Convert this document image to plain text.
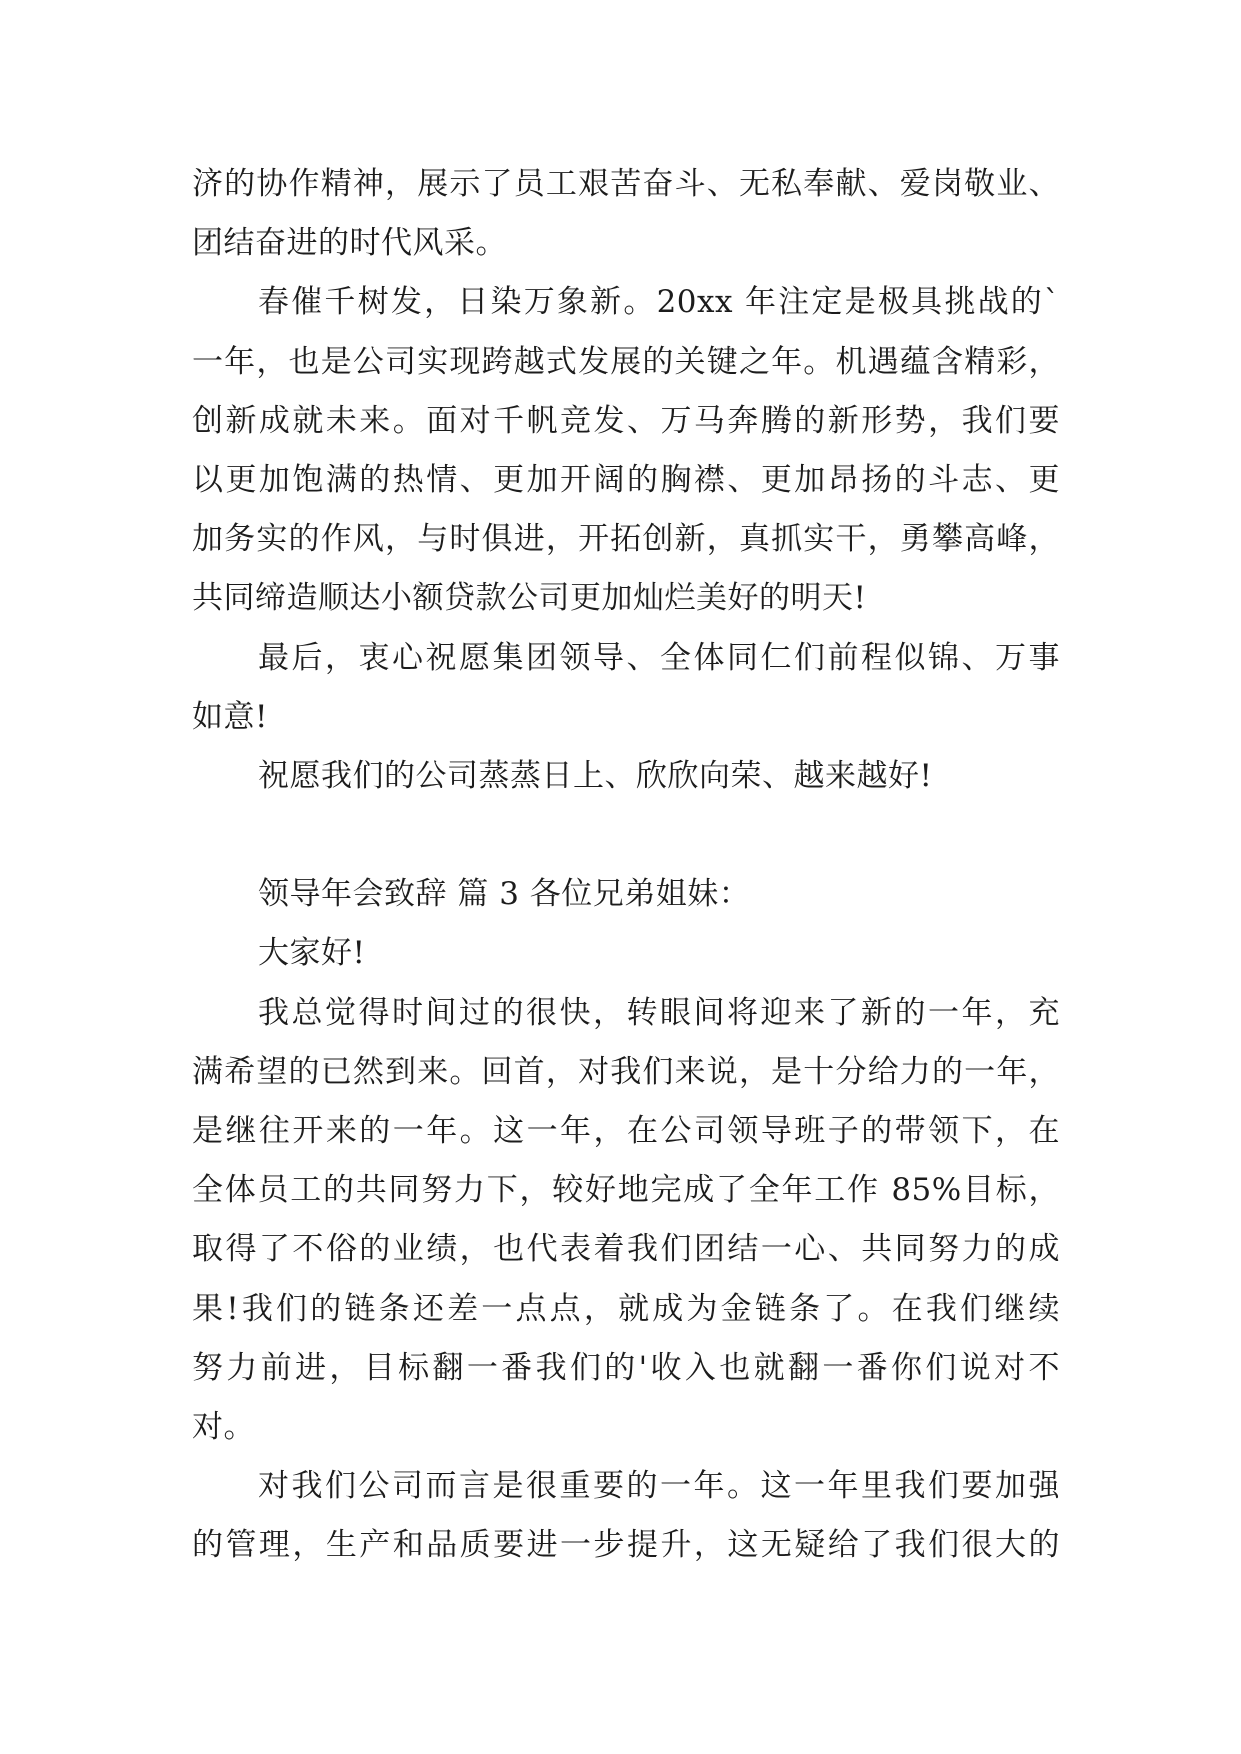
济的协作精神，展示了员工艰苦奋斗、无私奉献、爱岗敬业、
团结奋进的时代风采。
春催千树发，日染万象新。20xx 年注定是极具挑战的`
一年，也是公司实现跨越式发展的关键之年。机遇蕴含精彩，
创新成就未来。面对千帆竞发、万马奔腾的新形势，我们要
以更加饱满的热情、更加开阔的胸襟、更加昂扬的斗志、更
加务实的作风，与时俱进，开拓创新，真抓实干，勇攀高峰，
共同缔造顺达小额贷款公司更加灿烂美好的明天!
最后，衷心祝愿集团领导、全体同仁们前程似锦、万事
如意!
祝愿我们的公司蒸蒸日上、欣欣向荣、越来越好!
领导年会致辞 篇 3 各位兄弟姐妹：
大家好!
我总觉得时间过的很快，转眼间将迎来了新的一年，充
满希望的已然到来。回首，对我们来说，是十分给力的一年，
是继往开来的一年。这一年，在公司领导班子的带领下，在
全体员工的共同努力下，较好地完成了全年工作 85%目标，
取得了不俗的业绩，也代表着我们团结一心、共同努力的成
果!我们的链条还差一点点，就成为金链条了。在我们继续
努力前进，目标翻一番我们的'收入也就翻一番你们说对不
对。
对我们公司而言是很重要的一年。这一年里我们要加强
的管理，生产和品质要进一步提升，这无疑给了我们很大的
